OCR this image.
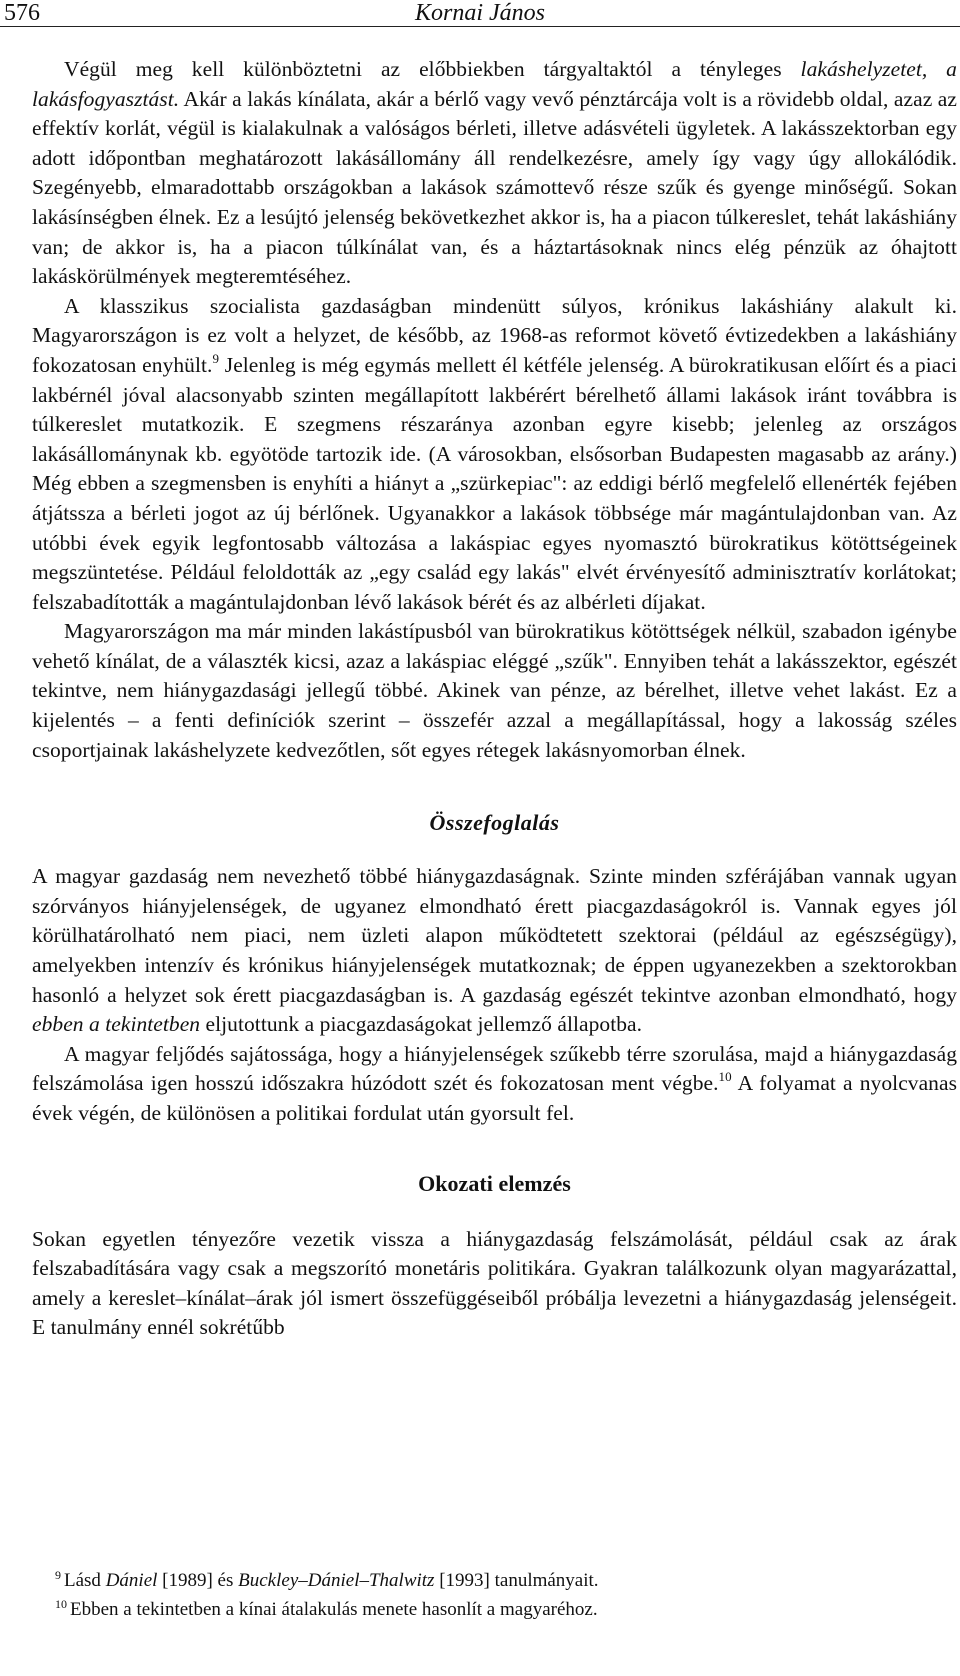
576	Kornai János

Végül meg kell különböztetni az előbbiekben tárgyaltaktól a tényleges lakáshelyzetet, a lakásfogyasztást. Akár a lakás kínálata, akár a bérlő vagy vevő pénztárcája volt is a rövidebb oldal, azaz az effektív korlát, végül is kialakulnak a valóságos bérleti, illetve adásvételi ügyletek. A lakásszektorban egy adott időpontban meghatározott lakásállomány áll rendelkezésre, amely így vagy úgy allokálódik. Szegényebb, elmaradottabb országokban a lakások számottevő része szűk és gyenge minőségű. Sokan lakásínségben élnek. Ez a lesújtó jelenség bekövetkezhet akkor is, ha a piacon túlkereslet, tehát lakáshiány van; de akkor is, ha a piacon túlkínálat van, és a háztartásoknak nincs elég pénzük az óhajtott lakáskörülmények megteremtéséhez.

A klasszikus szocialista gazdaságban mindenütt súlyos, krónikus lakáshiány alakult ki. Magyarországon is ez volt a helyzet, de később, az 1968-as reformot követő évtizedekben a lakáshiány fokozatosan enyhült.$^9$ Jelenleg is még egymás mellett él kétféle jelenség. A bürokratikusan előírt és a piaci lakbérnél jóval alacsonyabb szinten megállapított lakbérért bérelhető állami lakások iránt továbbra is túlkereslet mutatkozik. E szegmens részaránya azonban egyre kisebb; jelenleg az országos lakásállománynak kb. egyötöde tartozik ide. (A városokban, elsősorban Budapesten magasabb az arány.) Még ebben a szegmensben is enyhíti a hiányt a „szürkepiac": az eddigi bérlő megfelelő ellenérték fejében átjátssza a bérleti jogot az új bérlőnek. Ugyanakkor a lakások többsége már magántulajdonban van. Az utóbbi évek egyik legfontosabb változása a lakáspiac egyes nyomasztó bürokratikus kötöttségeinek megszüntetése. Például feloldották az „egy család egy lakás" elvét érvényesítő adminisztratív korlátokat; felszabadították a magántulajdonban lévő lakások bérét és az albérleti díjakat.

Magyarországon ma már minden lakástípusból van bürokratikus kötöttségek nélkül, szabadon igénybe vehető kínálat, de a választék kicsi, azaz a lakáspiac eléggé „szűk". Ennyiben tehát a lakásszektor, egészét tekintve, nem hiánygazdasági jellegű többé. Akinek van pénze, az bérelhet, illetve vehet lakást. Ez a kijelentés – a fenti definíciók szerint – összefér azzal a megállapítással, hogy a lakosság széles csoportjainak lakáshelyzete kedvezőtlen, sőt egyes rétegek lakásnyomorban élnek.

Összefoglalás

A magyar gazdaság nem nevezhető többé hiánygazdaságnak. Szinte minden szférájában vannak ugyan szórványos hiányjelenségek, de ugyanez elmondható érett piacgazdaságokról is. Vannak egyes jól körülhatárolható nem piaci, nem üzleti alapon működtetett szektorai (például az egészségügy), amelyekben intenzív és krónikus hiányjelenségek mutatkoznak; de éppen ugyanezekben a szektorokban hasonló a helyzet sok érett piacgazdaságban is. A gazdaság egészét tekintve azonban elmondható, hogy ebben a tekintetben eljutottunk a piacgazdaságokat jellemző állapotba.

A magyar feljődés sajátossága, hogy a hiányjelenségek szűkebb térre szorulása, majd a hiánygazdaság felszámolása igen hosszú időszakra húzódott szét és fokozatosan ment végbe.$^{10}$ A folyamat a nyolcvanas évek végén, de különösen a politikai fordulat után gyorsult fel.

Okozati elemzés

Sokan egyetlen tényezőre vezetik vissza a hiánygazdaság felszámolását, például csak az árak felszabadítására vagy csak a megszorító monetáris politikára. Gyakran találkozunk olyan magyarázattal, amely a kereslet–kínálat–árak jól ismert összefüggéseiből próbálja levezetni a hiánygazdaság jelenségeit. E tanulmány ennél sokrétűbb

$^9$ Lásd Dániel [1989] és Buckley–Dániel–Thalwitz [1993] tanulmányait.

$^{10}$ Ebben a tekintetben a kínai átalakulás menete hasonlít a magyaréhoz.
